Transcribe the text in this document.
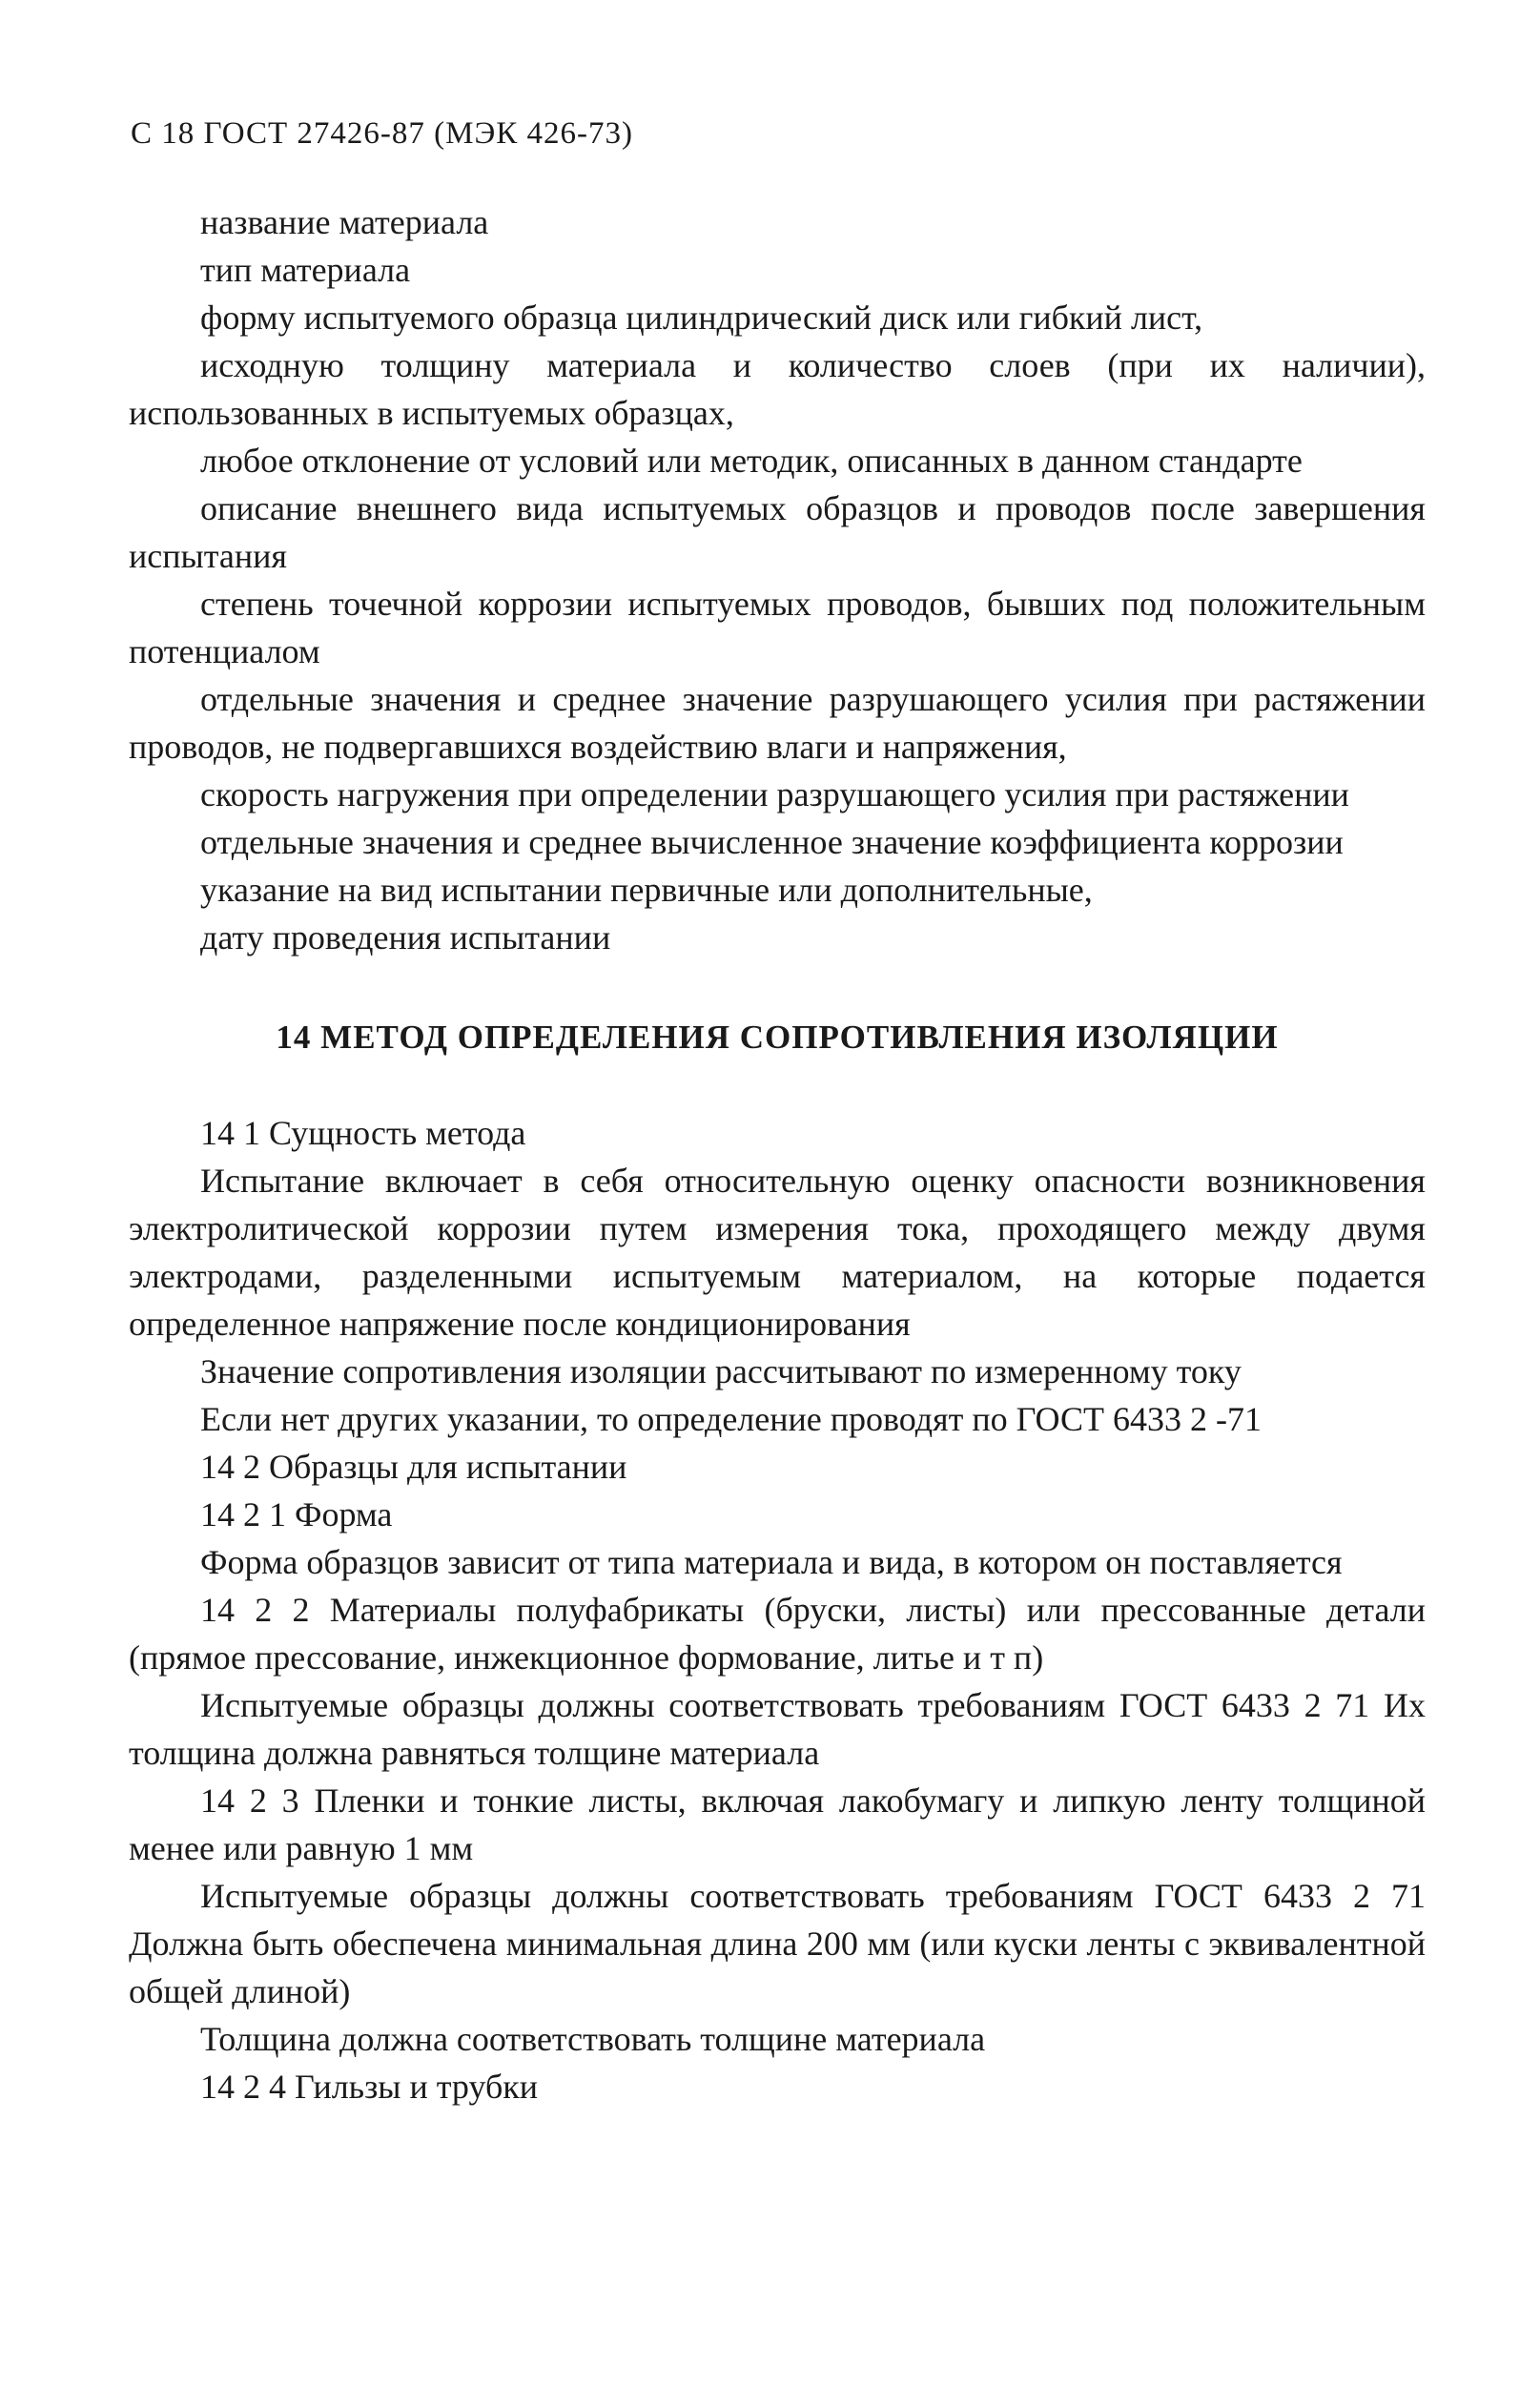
С 18 ГОСТ 27426-87 (МЭК 426-73)

название материала

тип материала

форму испытуемого образца цилиндрический диск или гибкий лист,

исходную толщину материала и количество слоев (при их наличии), использованных в испытуемых образцах,

любое отклонение от условий или методик, описанных в данном стандарте

описание внешнего вида испытуемых образцов и проводов после завершения испытания

степень точечной коррозии испытуемых проводов, бывших под положительным потенциалом

отдельные значения и среднее значение разрушающего усилия при растяжении проводов, не подвергавшихся воздействию влаги и напряжения,

скорость нагружения при определении разрушающего усилия при растяжении

отдельные значения и среднее вычисленное значение коэффициента коррозии

указание на вид испытании первичные или дополнительные,

дату проведения испытании

14 МЕТОД ОПРЕДЕЛЕНИЯ СОПРОТИВЛЕНИЯ ИЗОЛЯЦИИ

14 1 Сущность метода

Испытание включает в себя относительную оценку опасности возникновения электролитической коррозии путем измерения тока, проходящего между двумя электродами, разделенными испытуемым материалом, на которые подается определенное напряжение после кондиционирования

Значение сопротивления изоляции рассчитывают по измеренному току

Если нет других указании, то определение проводят по ГОСТ 6433 2 -71

14 2 Образцы для испытании

14 2 1 Форма

Форма образцов зависит от типа материала и вида, в котором он поставляется

14 2 2 Материалы полуфабрикаты (бруски, листы) или прессованные детали (прямое прессование, инжекционное формование, литье и т п)

Испытуемые образцы должны соответствовать требованиям ГОСТ 6433 2 71 Их толщина должна равняться толщине материала

14 2 3 Пленки и тонкие листы, включая лакобумагу и липкую ленту толщиной менее или равную 1 мм

Испытуемые образцы должны соответствовать требованиям ГОСТ 6433 2 71 Должна быть обеспечена минимальная длина 200 мм (или куски ленты с эквивалентной общей длиной)

Толщина должна соответствовать толщине материала

14 2 4 Гильзы и трубки
